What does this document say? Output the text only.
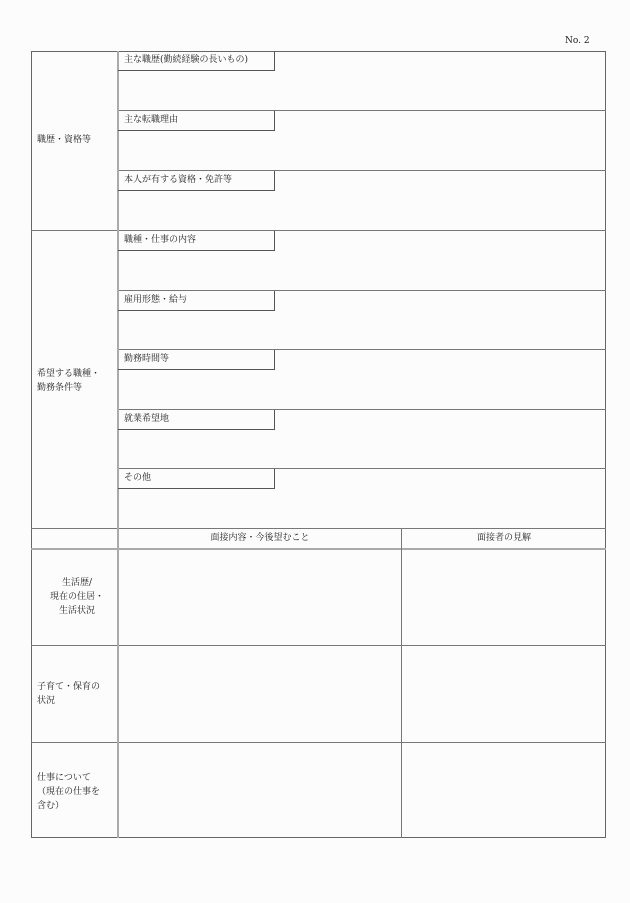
No. 2
職歴・資格等
主な職歴(勤続経験の長いもの)
主な転職理由
本人が有する資格・免許等
希望する職種・
勤務条件等
職種・仕事の内容
雇用形態・給与
勤務時間等
就業希望地
その他
面接内容・今後望むこと	面接者の見解
生活歴/
現在の住居・
生活状況
子育て・保育の
状況
仕事について
（現在の仕事を
含む）
